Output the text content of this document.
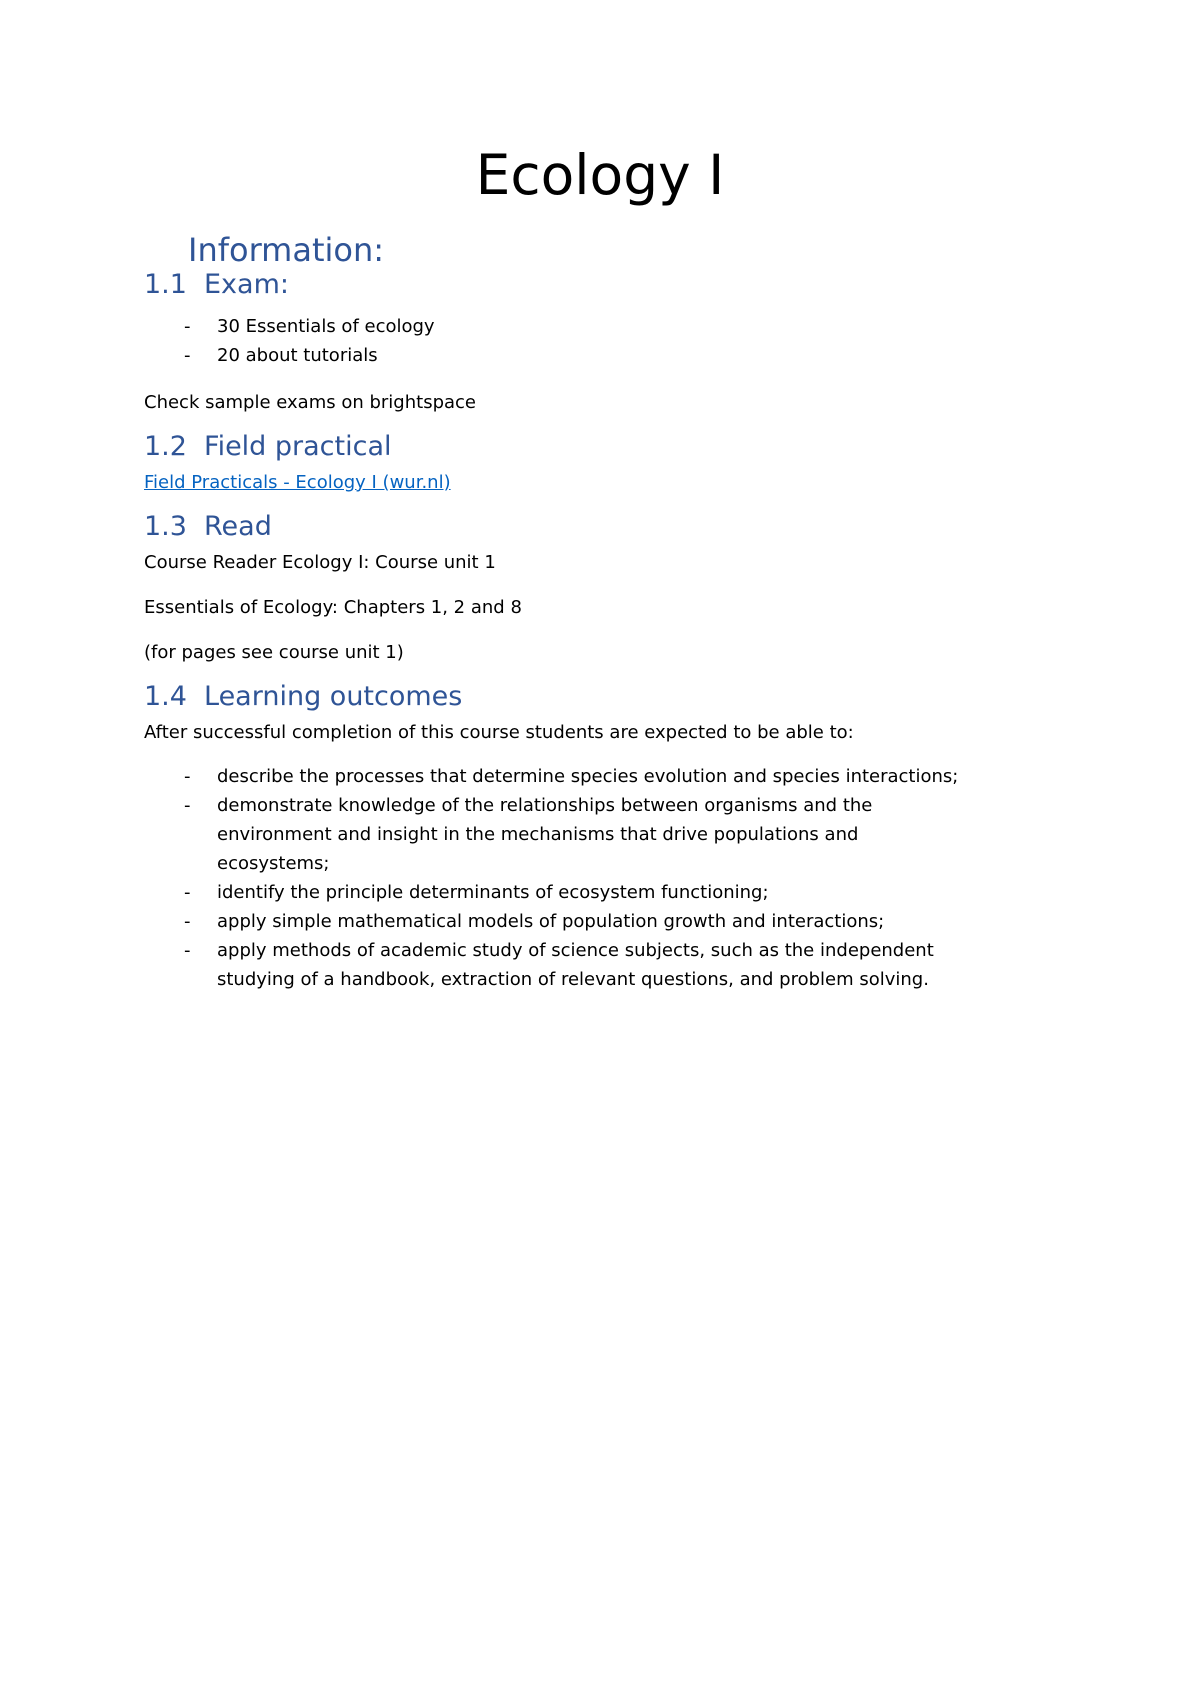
Ecology I
Information:
1.1 Exam:
- 30 Essentials of ecology
- 20 about tutorials
Check sample exams on brightspace
1.2 Field practical
Field Practicals - Ecology I (wur.nl)
1.3 Read
Course Reader Ecology I: Course unit 1
Essentials of Ecology: Chapters 1, 2 and 8
(for pages see course unit 1)
1.4 Learning outcomes
After successful completion of this course students are expected to be able to:
- describe the processes that determine species evolution and species interactions;
- demonstrate knowledge of the relationships between organisms and the environment and insight in the mechanisms that drive populations and ecosystems;
- identify the principle determinants of ecosystem functioning;
- apply simple mathematical models of population growth and interactions;
- apply methods of academic study of science subjects, such as the independent studying of a handbook, extraction of relevant questions, and problem solving.
